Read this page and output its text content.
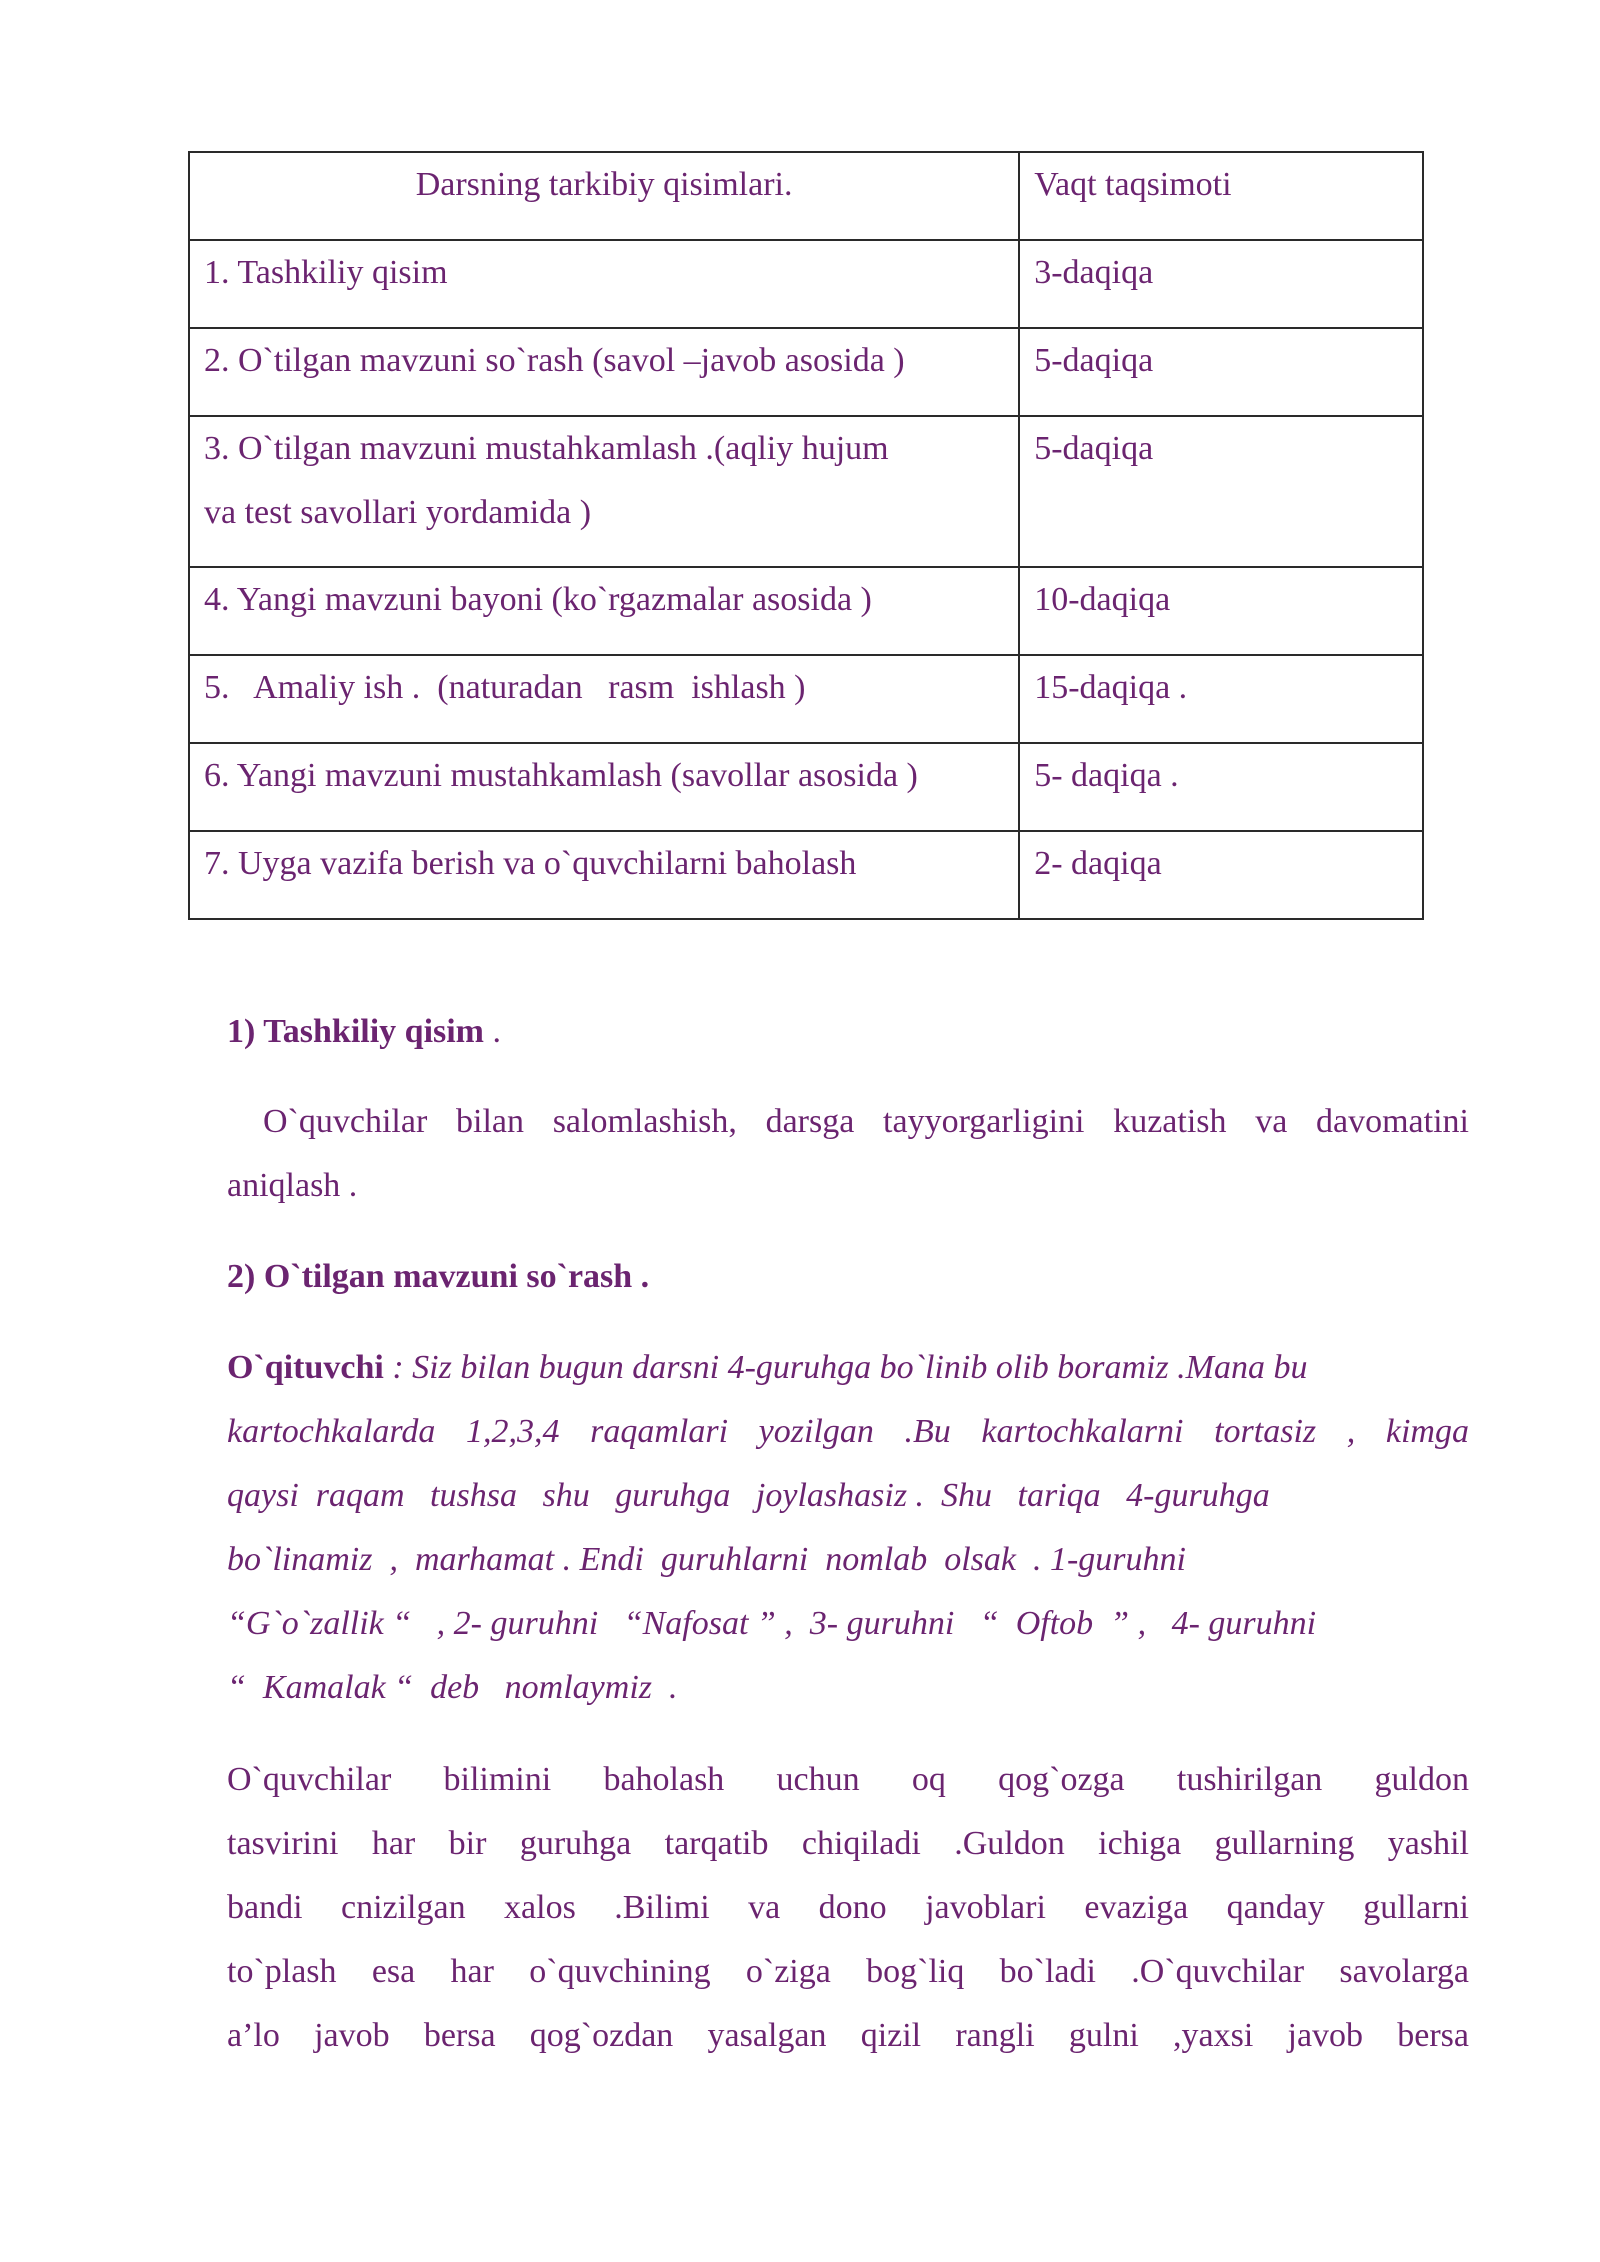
Darsning tarkibiy qisimlari.	Vaqt taqsimoti
1. Tashkiliy qisim	3-daqiqa
2. O`tilgan mavzuni so`rash (savol –javob asosida )	5-daqiqa

3. O`tilgan mavzuni mustahkamlash .(aqliy hujum
va test savollari yordamida )	5-daqiqa
4. Yangi mavzuni bayoni (ko`rgazmalar asosida )	10-daqiqa
5.   Amaliy ish .  (naturadan   rasm  ishlash )	15-daqiqa .
6. Yangi mavzuni mustahkamlash (savollar asosida )	5- daqiqa .
7. Uyga vazifa berish va o`quvchilarni baholash	2- daqiqa
1) Tashkiliy qisim .
O`quvchilar bilan salomlashish, darsga tayyorgarligini kuzatish va davomatini
aniqlash .
2) O`tilgan mavzuni so`rash .
O`qituvchi : Siz bilan bugun darsni 4-guruhga bo`linib olib boramiz .Mana bu
kartochkalarda 1,2,3,4 raqamlari yozilgan .Bu kartochkalarni tortasiz , kimga
qaysi  raqam   tushsa   shu   guruhga   joylashasiz .  Shu   tariqa   4-guruhga
bo`linamiz  ,  marhamat . Endi  guruhlarni  nomlab  olsak  . 1-guruhni
“G`o`zallik “   , 2- guruhni   “Nafosat ” ,  3- guruhni   “  Oftob  ” ,   4- guruhni
“  Kamalak “  deb   nomlaymiz  .
O`quvchilar bilimini baholash uchun oq qog`ozga tushirilgan guldon
tasvirini har bir guruhga tarqatib chiqiladi .Guldon ichiga gullarning yashil
bandi cnizilgan xalos .Bilimi va dono javoblari evaziga qanday gullarni
to`plash esa har o`quvchining o`ziga bog`liq bo`ladi .O`quvchilar savolarga
a’lo javob bersa qog`ozdan yasalgan qizil rangli gulni ,yaxsi javob bersa
